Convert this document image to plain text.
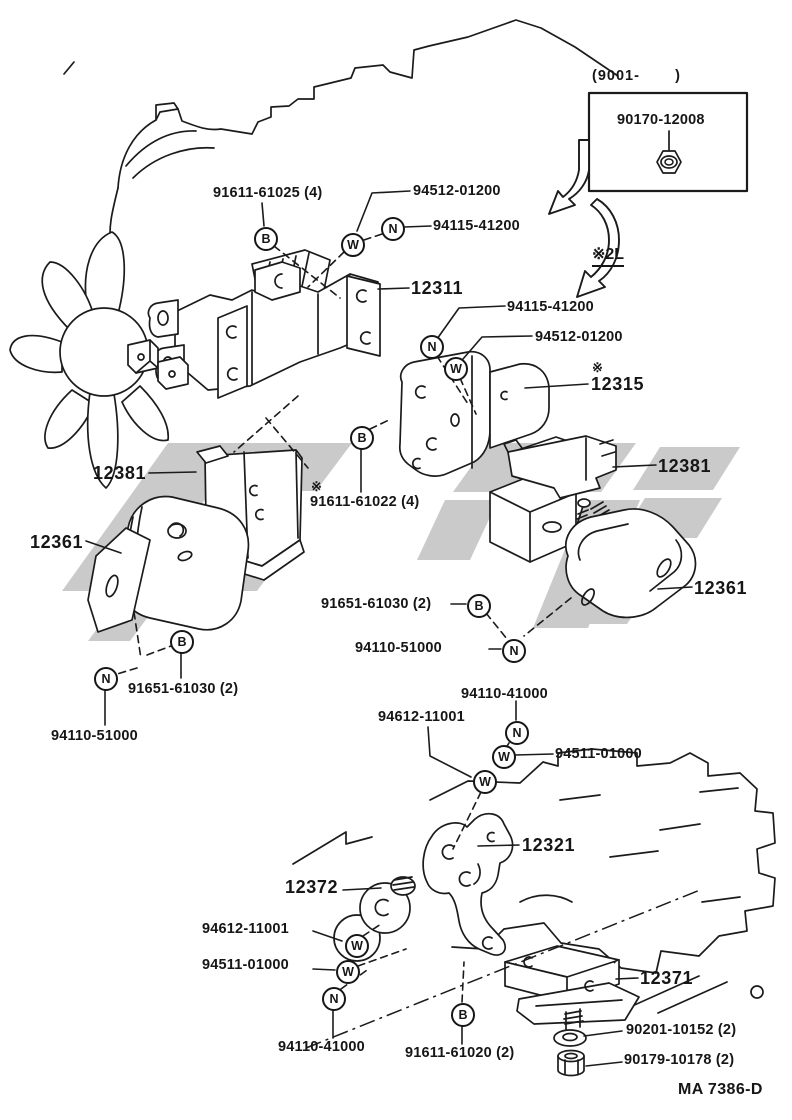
(9001-       )
90170-12008
※2L
91611-61025 (4)	94512-01200
94115-41200
12311
94115-41200
94512-01200
※
12315
12381	12381
12361
※
91611-61022 (4)
12361
91651-61030 (2)
94110-51000
91651-61030 (2)
94110-51000
94110-41000
94612-11001
94511-01000
12321
12372
94612-11001
94511-01000
94110-41000	91611-61020 (2)
12371
90201-10152 (2)
90179-10178 (2)
MA 7386-D
B	W
N
N
W
B
B
N
B
N
N
W
W
W
W
N
B
